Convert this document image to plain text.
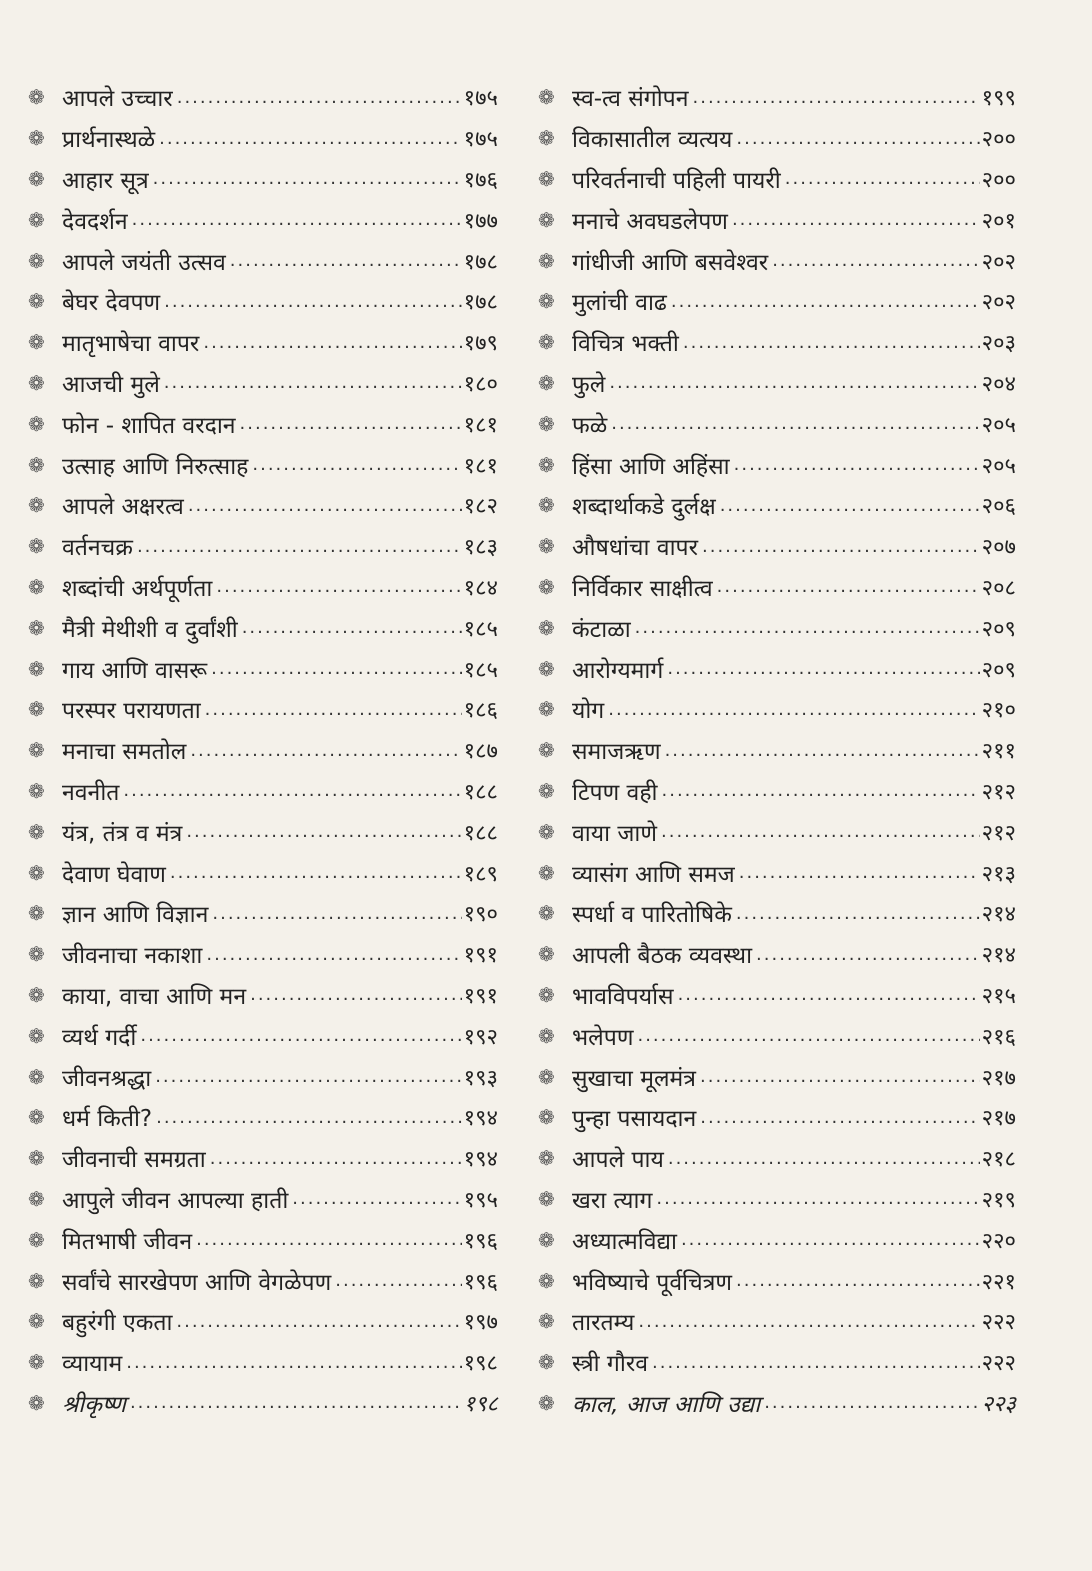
❁ आपले उच्चार .....	१७५
❁ प्रार्थनास्थळे .....	१७५
❁ आहार सूत्र .....	१७६
❁ देवदर्शन .....	१७७
❁ आपले जयंती उत्सव .....	१७८
❁ बेघर देवपण .....	१७८
❁ मातृभाषेचा वापर .....	१७९
❁ आजची मुले .....	१८०
❁ फोन - शापित वरदान .....	१८१
❁ उत्साह आणि निरुत्साह .....	१८१
❁ आपले अक्षरत्व .....	१८२
❁ वर्तनचक्र .....	१८३
❁ शब्दांची अर्थपूर्णता .....	१८४
❁ मैत्री मेथीशी व दुर्वांशी .....	१८५
❁ गाय आणि वासरू .....	१८५
❁ परस्पर परायणता .....	१८६
❁ मनाचा समतोल .....	१८७
❁ नवनीत .....	१८८
❁ यंत्र, तंत्र व मंत्र .....	१८८
❁ देवाण घेवाण .....	१८९
❁ ज्ञान आणि विज्ञान .....	१९०
❁ जीवनाचा नकाशा .....	१९१
❁ काया, वाचा आणि मन .....	१९१
❁ व्यर्थ गर्दी .....	१९२
❁ जीवनश्रद्धा .....	१९३
❁ धर्म किती? .....	१९४
❁ जीवनाची समग्रता .....	१९४
❁ आपुले जीवन आपल्या हाती .....	१९५
❁ मितभाषी जीवन .....	१९६
❁ सर्वांचे सारखेपण आणि वेगळेपण .....	१९६
❁ बहुरंगी एकता .....	१९७
❁ व्यायाम .....	१९८
❁ श्रीकृष्ण .....	१९८
❁ स्व-त्व संगोपन .....	१९९
❁ विकासातील व्यत्यय .....	२००
❁ परिवर्तनाची पहिली पायरी .....	२००
❁ मनाचे अवघडलेपण .....	२०१
❁ गांधीजी आणि बसवेश्वर .....	२०२
❁ मुलांची वाढ .....	२०२
❁ विचित्र भक्ती .....	२०३
❁ फुले .....	२०४
❁ फळे .....	२०५
❁ हिंसा आणि अहिंसा .....	२०५
❁ शब्दार्थाकडे दुर्लक्ष .....	२०६
❁ औषधांचा वापर .....	२०७
❁ निर्विकार साक्षीत्व .....	२०८
❁ कंटाळा .....	२०९
❁ आरोग्यमार्ग .....	२०९
❁ योग .....	२१०
❁ समाजऋण .....	२११
❁ टिपण वही .....	२१२
❁ वाया जाणे .....	२१२
❁ व्यासंग आणि समज .....	२१३
❁ स्पर्धा व पारितोषिके .....	२१४
❁ आपली बैठक व्यवस्था .....	२१४
❁ भावविपर्यास .....	२१५
❁ भलेपण .....	२१६
❁ सुखाचा मूलमंत्र .....	२१७
❁ पुन्हा पसायदान .....	२१७
❁ आपले पाय .....	२१८
❁ खरा त्याग .....	२१९
❁ अध्यात्मविद्या .....	२२०
❁ भविष्याचे पूर्वचित्रण .....	२२१
❁ तारतम्य .....	२२२
❁ स्त्री गौरव .....	२२२
❁ काल, आज आणि उद्या .....	२२३
